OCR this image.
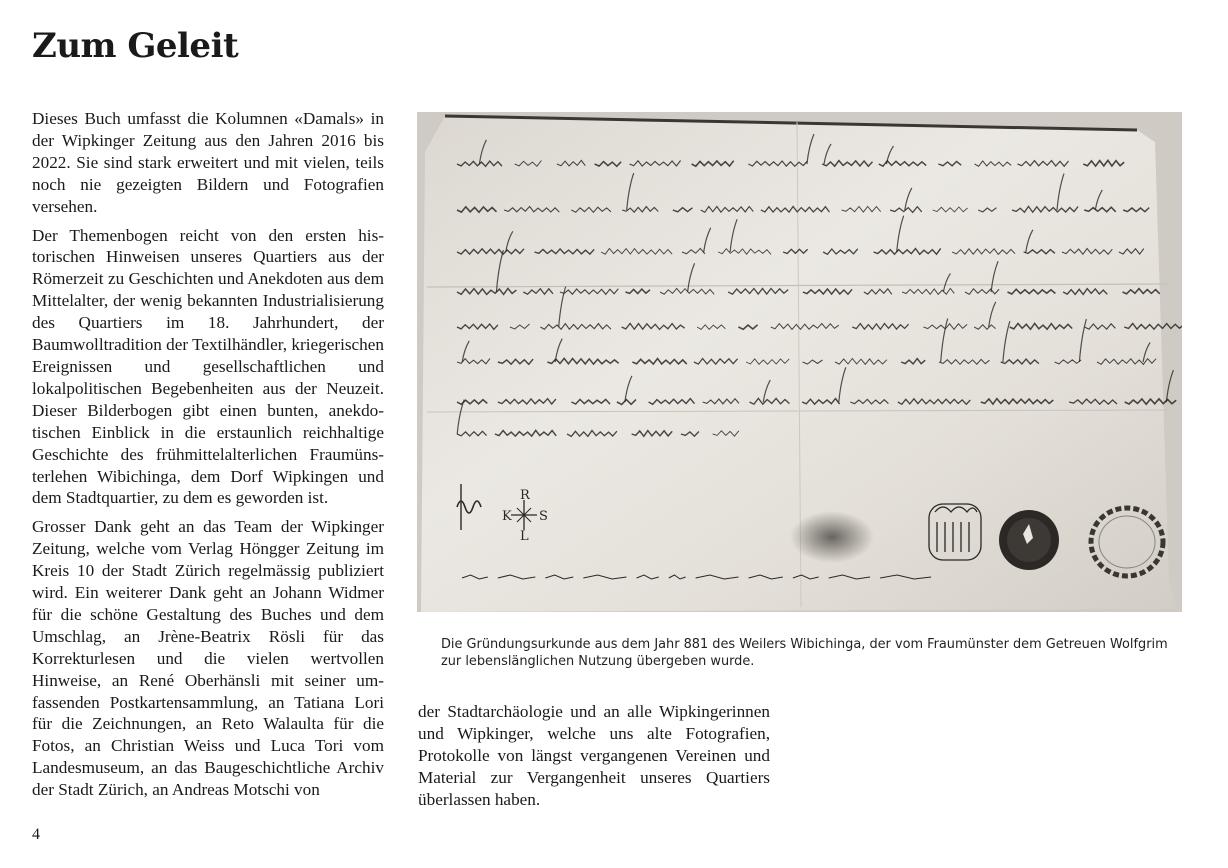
Zum Geleit

Dieses Buch umfasst die Kolumnen «Damals» in der Wipkinger Zeitung aus den Jahren 2016 bis 2022. Sie sind stark erweitert und mit vielen, teils noch nie gezeigten Bildern und Fotografien versehen.

Der Themenbogen reicht von den ersten historischen Hinweisen unseres Quartiers aus der Römerzeit zu Geschichten und Anekdoten aus dem Mittelalter, der wenig bekannten Industrialisierung des Quartiers im 18. Jahrhundert, der Baumwolltradition der Textilhändler, kriegerischen Ereignissen und gesellschaftlichen und lokalpolitischen Begebenheiten aus der Neuzeit. Dieser Bilderbogen gibt einen bunten, anekdotischen Einblick in die erstaunlich reichhaltige Geschichte des frühmittelalterlichen Fraumünsterlehen Wibichinga, dem Dorf Wipkingen und dem Stadtquartier, zu dem es geworden ist.

Grosser Dank geht an das Team der Wipkinger Zeitung, welche vom Verlag Höngger Zeitung im Kreis 10 der Stadt Zürich regelmässig publiziert wird. Ein weiterer Dank geht an Johann Widmer für die schöne Gestaltung des Buches und dem Umschlag, an Jrène-Beatrix Rösli für das Korrekturlesen und die vielen wertvollen Hinweise, an René Oberhänsli mit seiner umfassenden Postkartensammlung, an Tatiana Lori für die Zeichnungen, an Reto Walaulta für die Fotos, an Christian Weiss und Luca Tori vom Landesmuseum, an das Baugeschichtliche Archiv der Stadt Zürich, an Andreas Motschi von

R
K S
L
Die Gründungsurkunde aus dem Jahr 881 des Weilers Wibichinga, der vom Fraumünster dem Getreuen Wolfgrim zur lebenslänglichen Nutzung übergeben wurde.

der Stadtarchäologie und an alle Wipkingerinnen und Wipkinger, welche uns alte Fotografien, Protokolle von längst vergangenen Vereinen und Material zur Vergangenheit unseres Quartiers überlassen haben.

4
